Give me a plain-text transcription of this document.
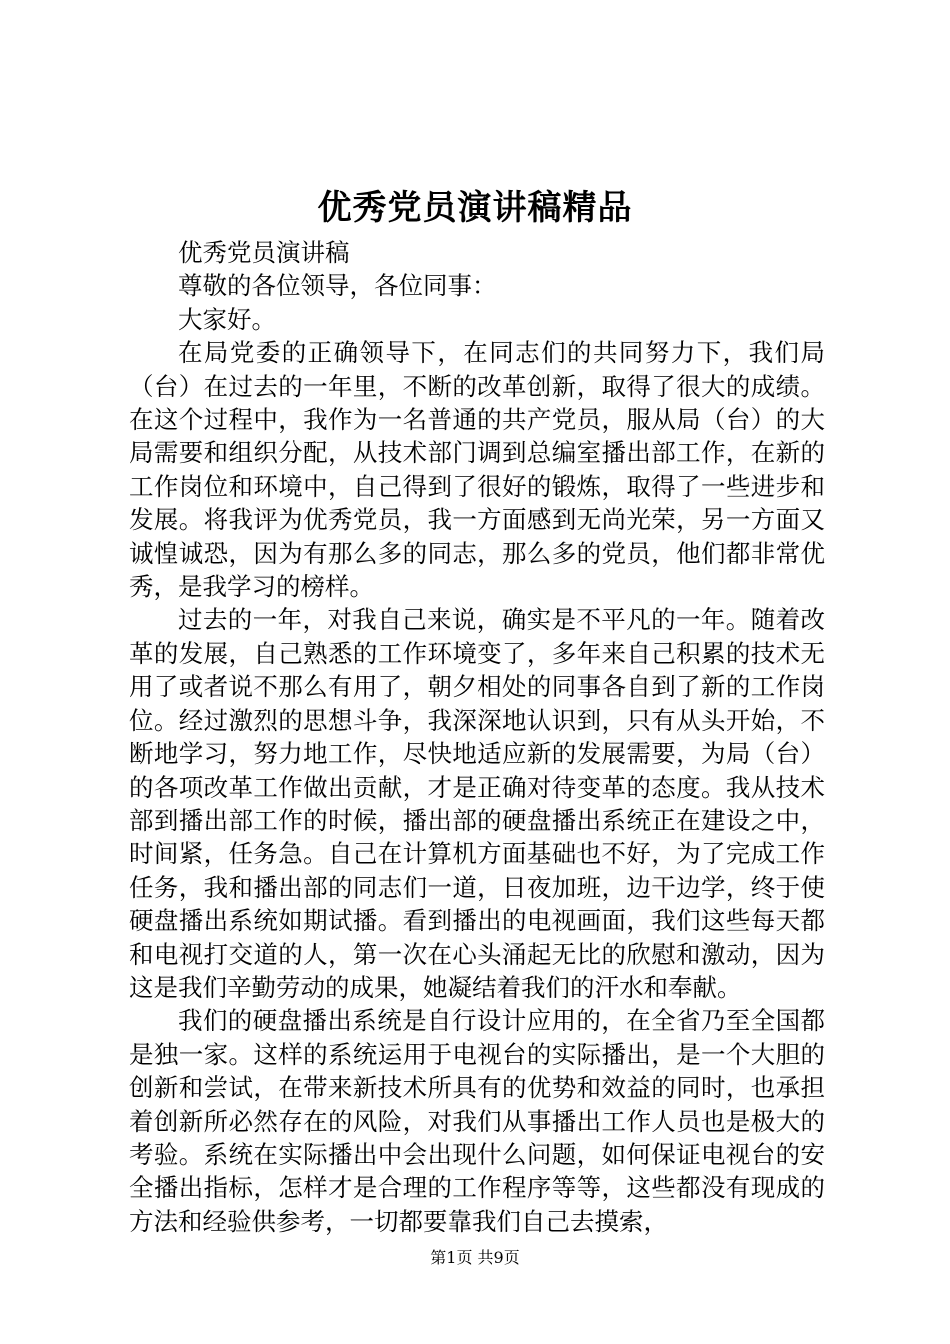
优秀党员演讲稿精品

优秀党员演讲稿

尊敬的各位领导，各位同事：

大家好。

在局党委的正确领导下，在同志们的共同努力下，我们局（台）在过去的一年里，不断的改革创新，取得了很大的成绩。在这个过程中，我作为一名普通的共产党员，服从局（台）的大局需要和组织分配，从技术部门调到总编室播出部工作，在新的工作岗位和环境中，自己得到了很好的锻炼，取得了一些进步和发展。将我评为优秀党员，我一方面感到无尚光荣，另一方面又诚惶诚恐，因为有那么多的同志，那么多的党员，他们都非常优秀，是我学习的榜样。

过去的一年，对我自己来说，确实是不平凡的一年。随着改革的发展，自己熟悉的工作环境变了，多年来自己积累的技术无用了或者说不那么有用了，朝夕相处的同事各自到了新的工作岗位。经过激烈的思想斗争，我深深地认识到，只有从头开始，不断地学习，努力地工作，尽快地适应新的发展需要，为局（台）的各项改革工作做出贡献，才是正确对待变革的态度。我从技术部到播出部工作的时候，播出部的硬盘播出系统正在建设之中，时间紧，任务急。自己在计算机方面基础也不好，为了完成工作任务，我和播出部的同志们一道，日夜加班，边干边学，终于使硬盘播出系统如期试播。看到播出的电视画面，我们这些每天都和电视打交道的人，第一次在心头涌起无比的欣慰和激动，因为这是我们辛勤劳动的成果，她凝结着我们的汗水和奉献。

我们的硬盘播出系统是自行设计应用的，在全省乃至全国都是独一家。这样的系统运用于电视台的实际播出，是一个大胆的创新和尝试，在带来新技术所具有的优势和效益的同时，也承担着创新所必然存在的风险，对我们从事播出工作人员也是极大的考验。系统在实际播出中会出现什么问题，如何保证电视台的安全播出指标，怎样才是合理的工作程序等等，这些都没有现成的方法和经验供参考，一切都要靠我们自己去摸索，

第1页 共9页
